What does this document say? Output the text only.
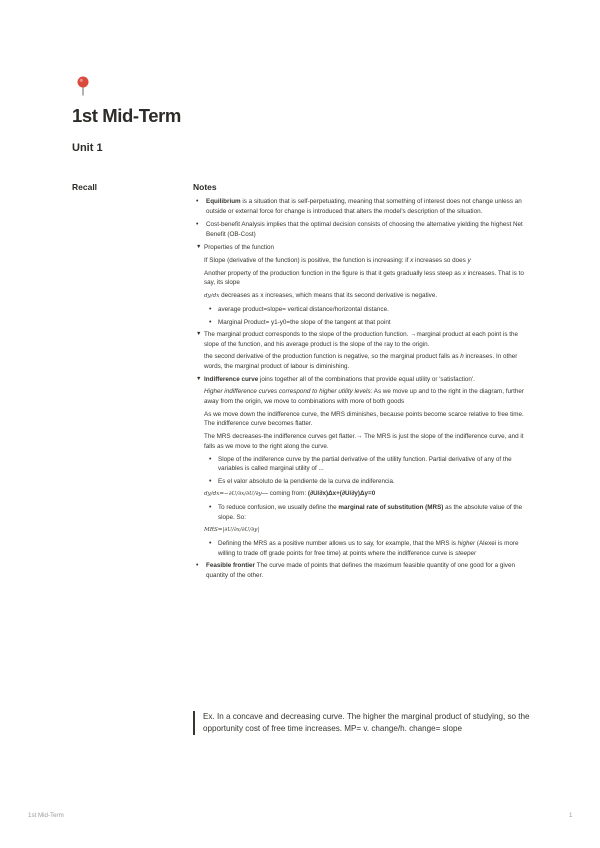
1st Mid-Term
Unit 1
Recall	Notes
•	Equilibrium is a situation that is self-perpetuating, meaning that something of interest does not change unless an outside or external force for change is introduced that alters the model's description of the situation.
•	Cost-benefit Analysis implies that the optimal decision consists of choosing the alternative yielding the highest Net Benefit (OB-Cost)
▼ Properties of the function

If Slope (derivative of the function) is positive, the function is increasing: if x increases so does y

Another property of the production function in the figure is that it gets gradually less steep as x increases. That is to say, its slope

dy/dx decreases as x increases, which means that its second derivative is negative.

•	average product=slope= vertical distance/horizontal distance.
•	Marginal Product= y1-y0=the slope of the tangent at that point
▼ The marginal product corresponds to the slope of the production function. →marginal product at each point is the slope of the function, and his average product is the slope of the ray to the origin.

the second derivative of the production function is negative, so the marginal product falls as h increases. In other words, the marginal product of labour is diminishing.

▼ Indifference curve joins together all of the combinations that provide equal utility or 'satisfaction'.

Higher indifference curves correspond to higher utility levels: As we move up and to the right in the diagram, further away from the origin, we move to combinations with more of both goods

As we move down the indifference curve, the MRS diminishes, because points become scarce relative to free time. The indifference curve becomes flatter.

The MRS decreases-the indifference curves get flatter.→ The MRS is just the slope of the indifference curve, and it falls as we move to the right along the curve.

•	Slope of the indiference curve by the partial derivative of the utility function. Partial derivative of any of the variables is called marginal utility of ...
•	Es el valor absoluto de la pendiente de la curva de indiferencia.

dy/dx=−∂U/∂x/∂U/∂y— coming from: (∂U/∂x)Δx+(∂U/∂y)Δy=0

•	To reduce confusion, we usually define the marginal rate of substitution (MRS) as the absolute value of the slope. So:

MRS=|∂U/∂x/∂U/∂y|

•	Defining the MRS as a positive number allows us to say, for example, that the MRS is higher (Alexei is more willing to trade off grade points for free time) at points where the indifference curve is steeper
•	Feasible frontier The curve made of points that defines the maximum feasible quantity of one good for a given quantity of the other.
Ex. In a concave and decreasing curve. The higher the marginal product of studying, so the opportunity cost of free time increases. MP= v. change/h. change= slope
1st Mid-Term	1
